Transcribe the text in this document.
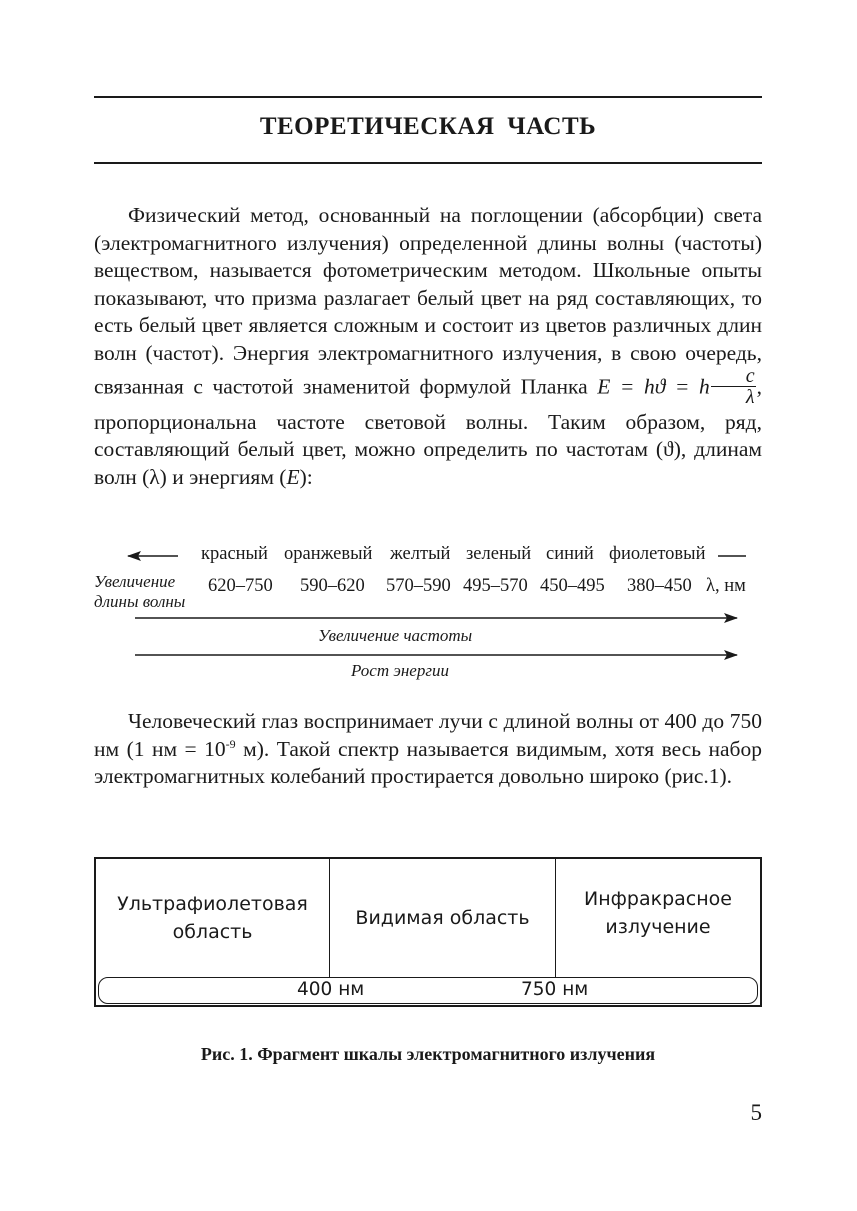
ТЕОРЕТИЧЕСКАЯ ЧАСТЬ

Физический метод, основанный на поглощении (абсорбции) света (электромагнитного излучения) определенной длины волны (частоты) веществом, называется фотометрическим методом. Школьные опыты показывают, что призма разлагает белый цвет на ряд составляющих, то есть белый цвет является сложным и состоит из цветов различных длин волн (частот). Энергия электромагнитного излучения, в свою очередь, связанная с частотой знаменитой формулой Планка E = hϑ = h $\frac{c}{\lambda}$ , пропорциональна частоте световой волны. Таким образом, ряд, составляющий белый цвет, можно определить по частотам (ϑ), длинам волн (λ) и энергиям (E):

красный оранжевый желтый зеленый синий фиолетовый
Увеличение
длины волны
620–750 590–620 570–590 495–570 450–495 380–450 λ, нм
Увеличение частоты
Рост энергии

Человеческий глаз воспринимает лучи с длиной волны от 400 до 750 нм (1 нм = $10^{-9}$ м). Такой спектр называется видимым, хотя весь набор электромагнитных колебаний простирается довольно широко (рис.1).

Ультрафиолетовая
область
Видимая область
Инфракрасное
излучение
400 нм	750 нм

Рис. 1. Фрагмент шкалы электромагнитного излучения

5
